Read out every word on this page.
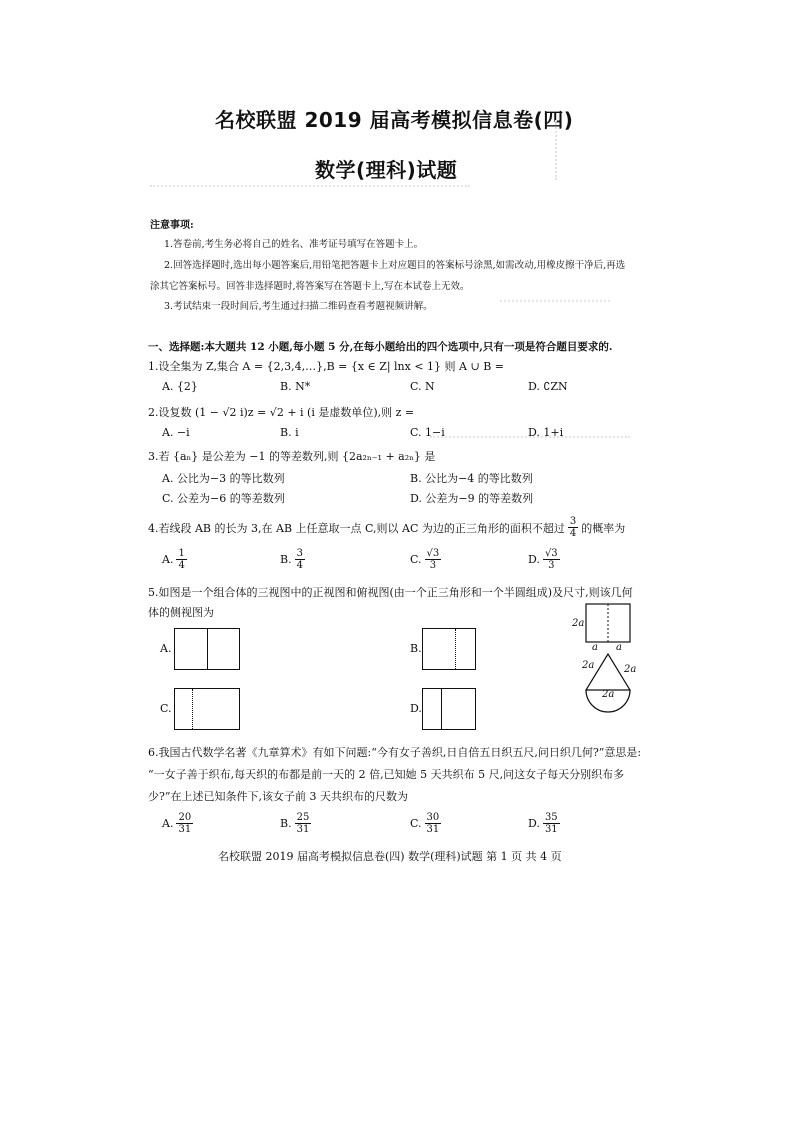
名校联盟 2019 届高考模拟信息卷(四)
数学(理科)试题
注意事项:
1.答卷前,考生务必将自己的姓名、准考证号填写在答题卡上。
2.回答选择题时,选出每小题答案后,用铅笔把答题卡上对应题目的答案标号涂黑,如需改动,用橡皮擦干净后,再选
涂其它答案标号。回答非选择题时,将答案写在答题卡上,写在本试卷上无效。
3.考试结束一段时间后,考生通过扫描二维码查看考题视频讲解。
一、选择题:本大题共 12 小题,每小题 5 分,在每小题给出的四个选项中,只有一项是符合题目要求的.
1.设全集为 Z,集合 A = {2,3,4,…},B = {x ∈ Z| lnx < 1} 则 A ∪ B =
A. {2}	B. N*	C. N	D. ∁ZN
2.设复数 (1 − √2 i)z = √2 + i (i 是虚数单位),则 z =
A. −i	B. i	C. 1−i	D. 1+i
3.若 {aₙ} 是公差为 −1 的等差数列,则 {2a₂ₙ₋₁ + a₂ₙ} 是
A. 公比为−3 的等比数列	B. 公比为−4 的等比数列
C. 公差为−6 的等差数列	D. 公差为−9 的等差数列
4.若线段 AB 的长为 3,在 AB 上任意取一点 C,则以 AC 为边的正三角形的面积不超过 $\frac{3}{4}$ 的概率为
A. $\frac{1}{4}$	B. $\frac{3}{4}$	C. $\frac{√3}{3}$	D. $\frac{√3}{3}$
5.如图是一个组合体的三视图中的正视图和俯视图(由一个正三角形和一个半圆组成)及尺寸,则该几何
体的侧视图为
A.	B.
C.	D.
2a
a a
2a	2a
2a
6.我国古代数学名著《九章算术》有如下问题:“今有女子善织,日自倍五日织五尺,问日织几何?”意思是:
“一女子善于织布,每天织的布都是前一天的 2 倍,已知她 5 天共织布 5 尺,问这女子每天分别织布多
少?”在上述已知条件下,该女子前 3 天共织布的尺数为
A. $\frac{20}{31}$	B. $\frac{25}{31}$	C. $\frac{30}{31}$	D. $\frac{35}{31}$
名校联盟 2019 届高考模拟信息卷(四) 数学(理科)试题 第 1 页 共 4 页
